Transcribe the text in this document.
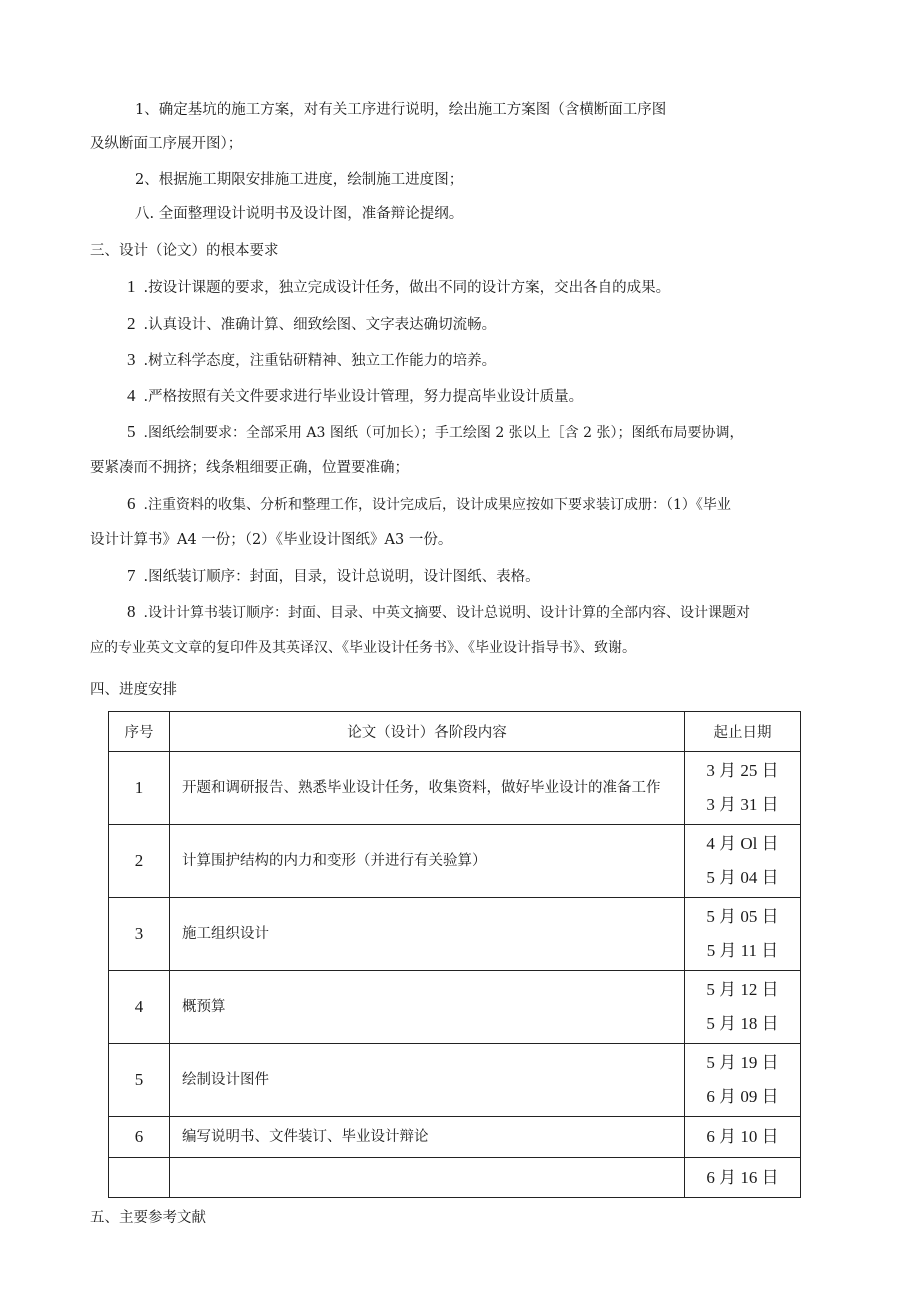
1、确定基坑的施工方案，对有关工序进行说明，绘出施工方案图（含横断面工序图
及纵断面工序展开图）；
2、根据施工期限安排施工进度，绘制施工进度图；
八. 全面整理设计说明书及设计图，准备辩论提纲。
三、设计（论文）的根本要求
1 .按设计课题的要求，独立完成设计任务，做出不同的设计方案，交出各自的成果。
2 .认真设计、准确计算、细致绘图、文字表达确切流畅。
3 .树立科学态度，注重钻研精神、独立工作能力的培养。
4 .严格按照有关文件要求进行毕业设计管理，努力提高毕业设计质量。
5 .图纸绘制要求：全部采用 A3 图纸（可加长）；手工绘图 2 张以上［含 2 张）；图纸布局要协调，
要紧凑而不拥挤；线条粗细要正确，位置要准确；
6 .注重资料的收集、分析和整理工作，设计完成后，设计成果应按如下要求装订成册：（1）《毕业
设计计算书》A4 一份；（2）《毕业设计图纸》A3 一份。
7 .图纸装订顺序：封面，目录，设计总说明，设计图纸、表格。
8 .设计计算书装订顺序：封面、目录、中英文摘要、设计总说明、设计计算的全部内容、设计课题对
应的专业英文文章的复印件及其英译汉、《毕业设计任务书》、《毕业设计指导书》、致谢。
四、进度安排
序号	论文（设计）各阶段内容	起止日期
1	开题和调研报告、熟悉毕业设计任务，收集资料，做好毕业设计的准备工作	3 月 25 日
3 月 31 日

2	计算围护结构的内力和变形（并进行有关验算）	4 月 Ol 日
5 月 04 日

3	施工组织设计	5 月 05 日
5 月 11 日

4	概预算	5 月 12 日
5 月 18 日

5	绘制设计图件	5 月 19 日
6 月 09 日

6	编写说明书、文件装订、毕业设计辩论	6 月 10 日

		6 月 16 日
五、主要参考文献
